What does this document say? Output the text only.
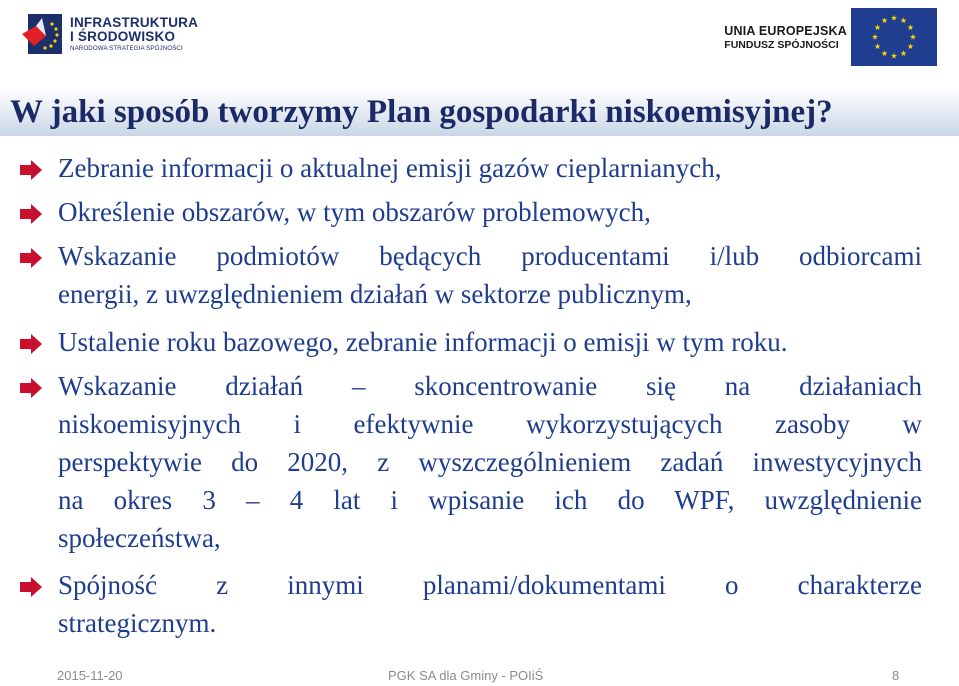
INFRASTRUKTURA
I ŚRODOWISKO
NARODOWA STRATEGIA SPÓJNOŚCI
UNIA EUROPEJSKA
FUNDUSZ SPÓJNOŚCI
W jaki sposób tworzymy Plan gospodarki niskoemisyjnej?

Zebranie informacji o aktualnej emisji gazów cieplarnianych,

Określenie obszarów, w tym obszarów problemowych,

Wskazanie podmiotów będących producentami i/lub odbiorcami
energii, z uwzględnieniem działań w sektorze publicznym,

Ustalenie roku bazowego, zebranie informacji o emisji w tym roku.

Wskazanie działań – skoncentrowanie się na działaniach
niskoemisyjnych i efektywnie wykorzystujących zasoby w
perspektywie do 2020, z wyszczególnieniem zadań inwestycyjnych
na okres 3 – 4 lat i wpisanie ich do WPF, uwzględnienie
społeczeństwa,

Spójność z innymi planami/dokumentami o charakterze
strategicznym.

2015-11-20	PGK SA dla Gminy - POIiŚ	8
